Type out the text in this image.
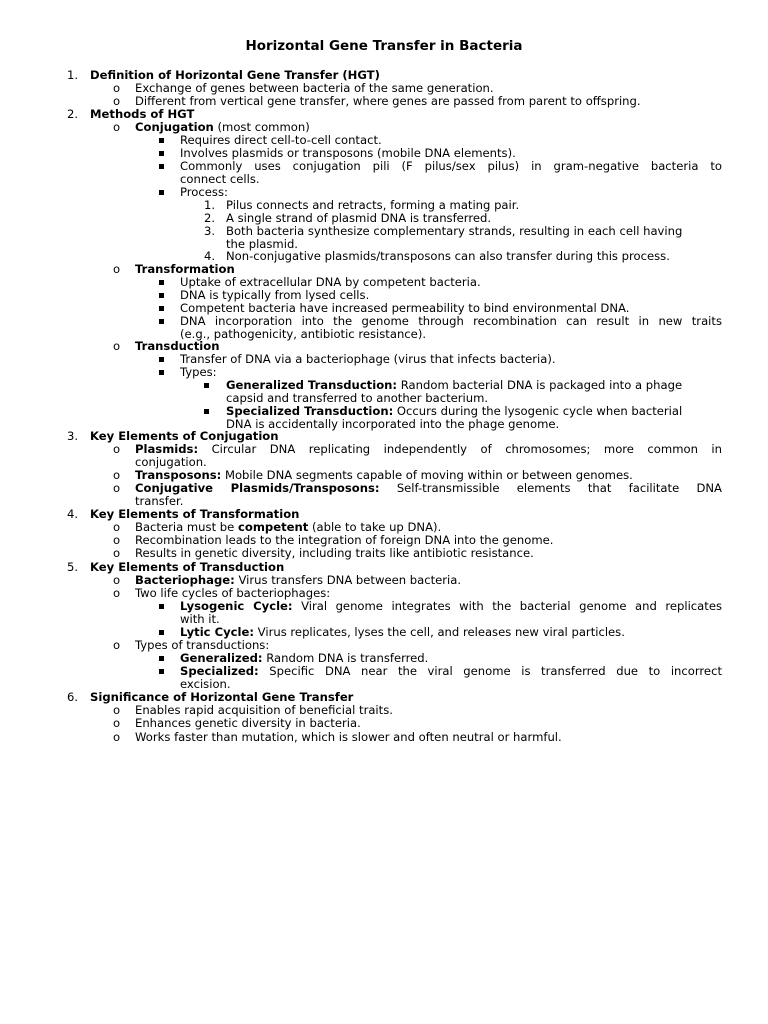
Horizontal Gene Transfer in Bacteria
1. Definition of Horizontal Gene Transfer (HGT)
o Exchange of genes between bacteria of the same generation.
o Different from vertical gene transfer, where genes are passed from parent to offspring.
2. Methods of HGT
o Conjugation (most common)
Requires direct cell-to-cell contact.
Involves plasmids or transposons (mobile DNA elements).
Commonly uses conjugation pili (F pilus/sex pilus) in gram-negative bacteria to
connect cells.
Process:
1. Pilus connects and retracts, forming a mating pair.
2. A single strand of plasmid DNA is transferred.
3. Both bacteria synthesize complementary strands, resulting in each cell having
the plasmid.
4. Non-conjugative plasmids/transposons can also transfer during this process.
o Transformation
Uptake of extracellular DNA by competent bacteria.
DNA is typically from lysed cells.
Competent bacteria have increased permeability to bind environmental DNA.
DNA incorporation into the genome through recombination can result in new traits
(e.g., pathogenicity, antibiotic resistance).
o Transduction
Transfer of DNA via a bacteriophage (virus that infects bacteria).
Types:
Generalized Transduction: Random bacterial DNA is packaged into a phage
capsid and transferred to another bacterium.
Specialized Transduction: Occurs during the lysogenic cycle when bacterial
DNA is accidentally incorporated into the phage genome.
3. Key Elements of Conjugation
o Plasmids: Circular DNA replicating independently of chromosomes; more common in
conjugation.
o Transposons: Mobile DNA segments capable of moving within or between genomes.
o Conjugative Plasmids/Transposons: Self-transmissible elements that facilitate DNA
transfer.
4. Key Elements of Transformation
o Bacteria must be competent (able to take up DNA).
o Recombination leads to the integration of foreign DNA into the genome.
o Results in genetic diversity, including traits like antibiotic resistance.
5. Key Elements of Transduction
o Bacteriophage: Virus transfers DNA between bacteria.
o Two life cycles of bacteriophages:
Lysogenic Cycle: Viral genome integrates with the bacterial genome and replicates
with it.
Lytic Cycle: Virus replicates, lyses the cell, and releases new viral particles.
o Types of transductions:
Generalized: Random DNA is transferred.
Specialized: Specific DNA near the viral genome is transferred due to incorrect
excision.
6. Significance of Horizontal Gene Transfer
o Enables rapid acquisition of beneficial traits.
o Enhances genetic diversity in bacteria.
o Works faster than mutation, which is slower and often neutral or harmful.
